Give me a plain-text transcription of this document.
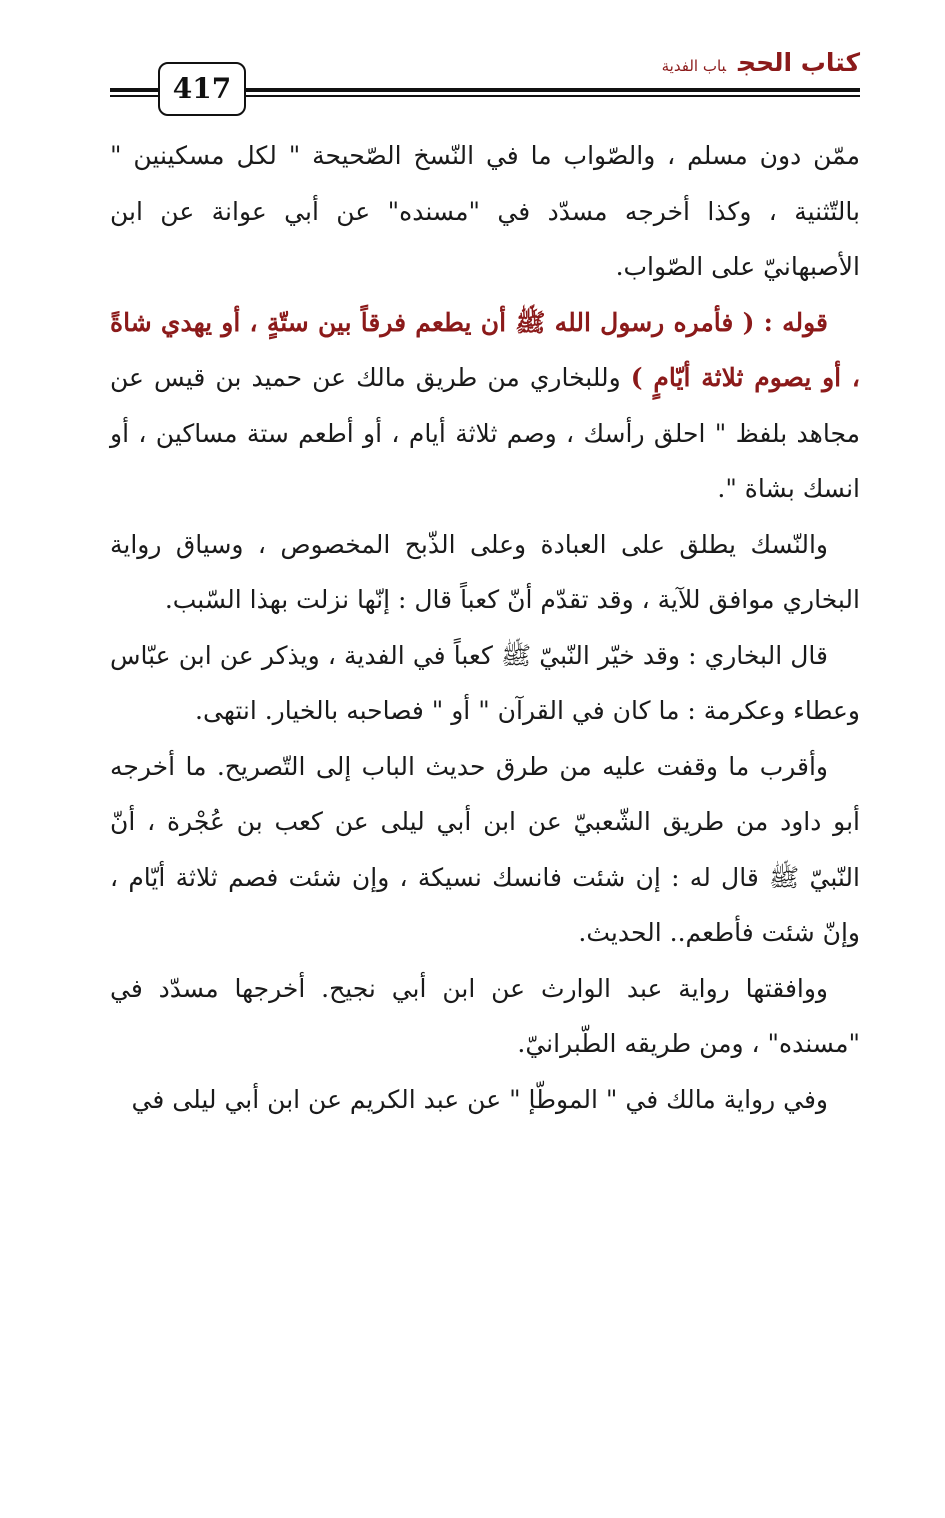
كتاب الحجباب الفدية
417

ممّن دون مسلم ، والصّواب ما في النّسخ الصّحيحة " لكل مسكينين " بالتّثنية ، وكذا أخرجه مسدّد في "مسنده" عن أبي عوانة عن ابن الأصبهانيّ على الصّواب.

قوله : ( فأمره رسول الله ﷺ أن يطعم فرقاً بين ستّةٍ ، أو يهدي شاةً ، أو يصوم ثلاثة أيّامٍ ) وللبخاري من طريق مالك عن حميد بن قيس عن مجاهد بلفظ " احلق رأسك ، وصم ثلاثة أيام ، أو أطعم ستة مساكين ، أو انسك بشاة ".

والنّسك يطلق على العبادة وعلى الذّبح المخصوص ، وسياق رواية البخاري موافق للآية ، وقد تقدّم أنّ كعباً قال : إنّها نزلت بهذا السّبب.

قال البخاري : وقد خيّر النّبيّ ﷺ كعباً في الفدية ، ويذكر عن ابن عبّاس وعطاء وعكرمة : ما كان في القرآن " أو " فصاحبه بالخيار. انتهى.

وأقرب ما وقفت عليه من طرق حديث الباب إلى التّصريح. ما أخرجه أبو داود من طريق الشّعبيّ عن ابن أبي ليلى عن كعب بن عُجْرة ، أنّ النّبيّ ﷺ قال له : إن شئت فانسك نسيكة ، وإن شئت فصم ثلاثة أيّام ، وإنّ شئت فأطعم.. الحديث.

ووافقتها رواية عبد الوارث عن ابن أبي نجيح. أخرجها مسدّد في "مسنده" ، ومن طريقه الطّبرانيّ.

وفي رواية مالك في " الموطّإ " عن عبد الكريم عن ابن أبي ليلى في
